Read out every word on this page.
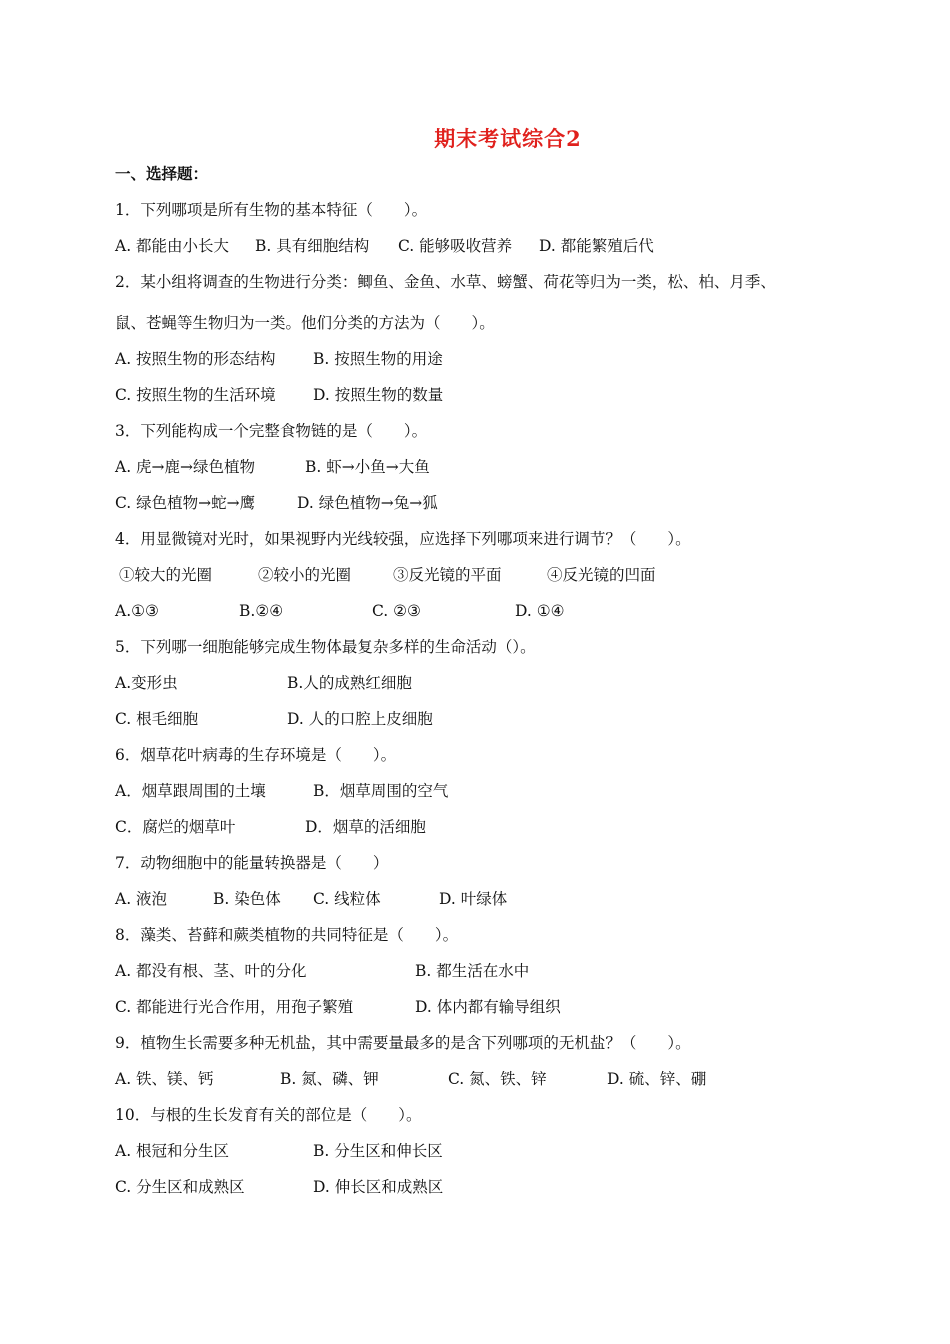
期末考试综合2
一、选择题：
1．下列哪项是所有生物的基本特征（　　）。
A. 都能由小长大 B. 具有细胞结构 C. 能够吸收营养 D. 都能繁殖后代
2．某小组将调查的生物进行分类：鲫鱼、金鱼、水草、螃蟹、荷花等归为一类，松、柏、月季、
鼠、苍蝇等生物归为一类。他们分类的方法为（　　）。
A. 按照生物的形态结构 B. 按照生物的用途
C. 按照生物的生活环境 D. 按照生物的数量
3．下列能构成一个完整食物链的是（　　）。
A. 虎→鹿→绿色植物	B. 虾→小鱼→大鱼
C. 绿色植物→蛇→鹰	D. 绿色植物→兔→狐
4．用显微镜对光时，如果视野内光线较强，应选择下列哪项来进行调节？（　　）。
①较大的光圈	②较小的光圈	③反光镜的平面	④反光镜的凹面
A.①③	B.②④	C. ②③	D. ①④
5．下列哪一细胞能够完成生物体最复杂多样的生命活动（）。
A.变形虫	B.人的成熟红细胞
C. 根毛细胞	D. 人的口腔上皮细胞
6．烟草花叶病毒的生存环境是（　　）。
A．烟草跟周围的土壤	B．烟草周围的空气
C．腐烂的烟草叶	D．烟草的活细胞
7．动物细胞中的能量转换器是（　　）
A. 液泡	B. 染色体 C. 线粒体	D. 叶绿体
8．藻类、苔藓和蕨类植物的共同特征是（　　）。
A. 都没有根、茎、叶的分化	B. 都生活在水中
C. 都能进行光合作用，用孢子繁殖	D. 体内都有输导组织
9．植物生长需要多种无机盐，其中需要量最多的是含下列哪项的无机盐？（　　）。
A. 铁、镁、钙	B. 氮、磷、钾	C. 氮、铁、锌	D. 硫、锌、硼
10．与根的生长发育有关的部位是（　　）。
A. 根冠和分生区	B. 分生区和伸长区
C. 分生区和成熟区	D. 伸长区和成熟区
